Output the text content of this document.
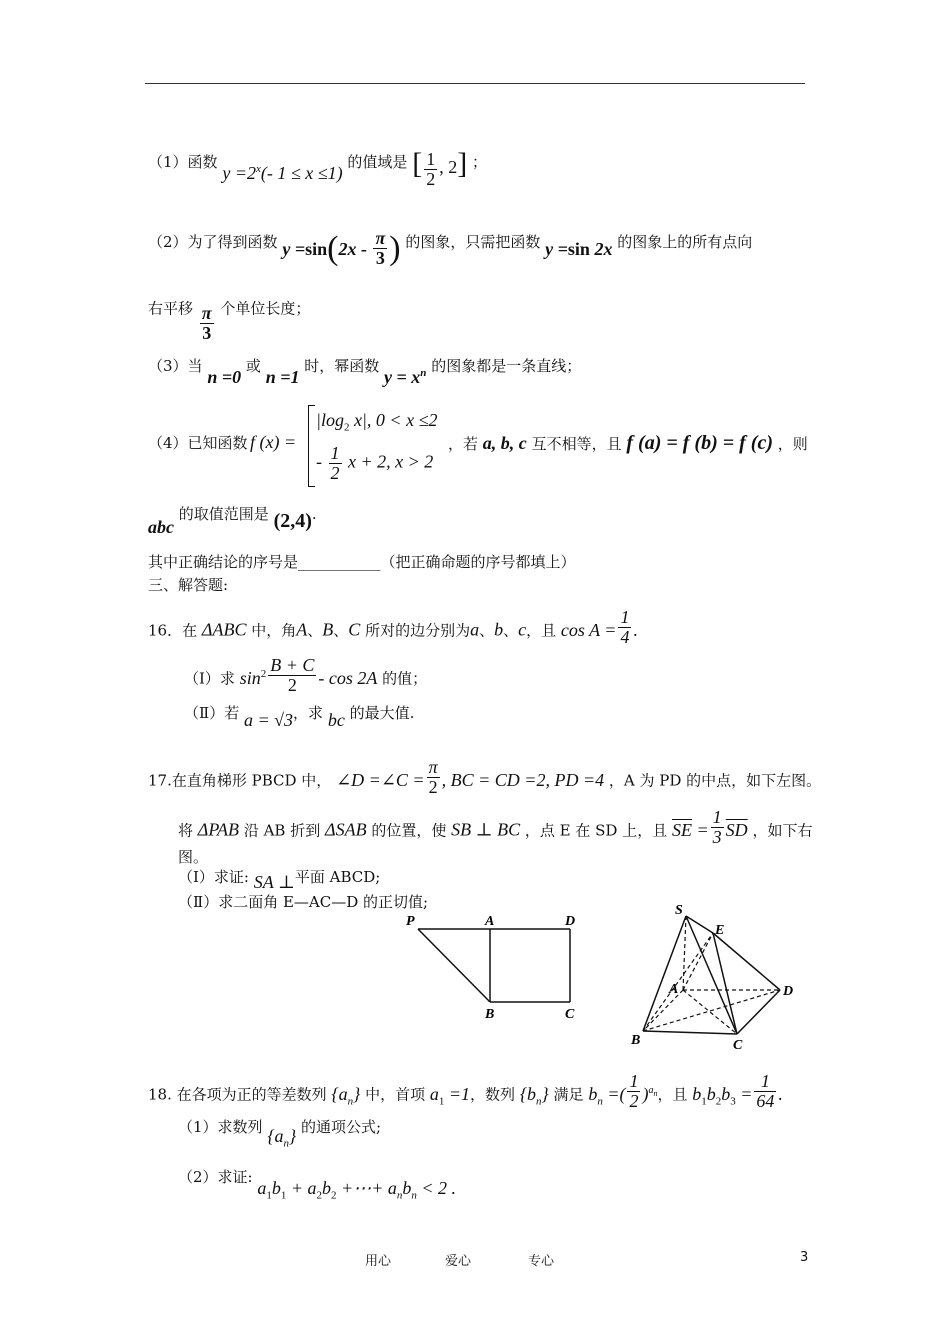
（1）函数 $y =2^x(-$ 1 ≤ x ≤1) 的值域是 [ $\frac{1}{2}$ , 2] ；
（2）为了得到函数 $y =\sin(2x - \frac{\pi}{3}$ ) 的图象，只需把函数 y =sin 2x 的图象上的所有点向
右平移 $\frac{\pi}{3}$ 个单位长度；
（3）当 n =0 或 n =1 时，幂函数 $y = x^n$ 的图象都是一条直线；
（4）已知函数 f (x) =
$|\log_2$ x|, 0 < x ≤2
- $\frac{1}{2}$ x + 2, x > 2
，若 a, b, c 互不相等，且 f (a) = f (b) = f (c) ，则
abc 的取值范围是 (2,4).
其中正确结论的序号是___________（把正确命题的序号都填上）
三、解答题:
16．在 ΔABC 中，角A、B、C 所对的边分别为a、b、c，且 $\cos A = \frac{1}{4}$ .
（Ⅰ）求 $\sin^2 \frac{B + C}{2}$ - cos 2A 的值；
（Ⅱ）若 a = √3，求 bc 的最大值.
17.在直角梯形 PBCD 中， ∠D =∠C = $\frac{\pi}{2}$ , BC = CD =2, PD =4 ，A 为 PD 的中点，如下左图。
将 ΔPAB 沿 AB 折到 ΔSAB 的位置，使 SB ⊥ BC ，点 E 在 SD 上，且 $\overline{SE} = \frac{1}{3} \overline{SD}$ ，如下右
图。
（Ⅰ）求证: SA ⊥平面 ABCD;
（Ⅱ）求二面角 E—AC—D 的正切值;
P	A	D
B	C
S
E
A	D
B	C
18. 在各项为正的等差数列 $\{a_n\}$ 中，首项 $a_1 =1$，数列 $\{b_n\}$ 满足 $b_n$ =( $\frac{1}{2} )^{a_n}$，且 $b_1b_2b_3 = \frac{1}{64}$ .
（1）求数列 $\{a_n\}$ 的通项公式;
（2）求证: $a_1b_1 + a_2b_2$ +⋯+ $a_nb_n < 2$ .
用心	爱心	专心	3
